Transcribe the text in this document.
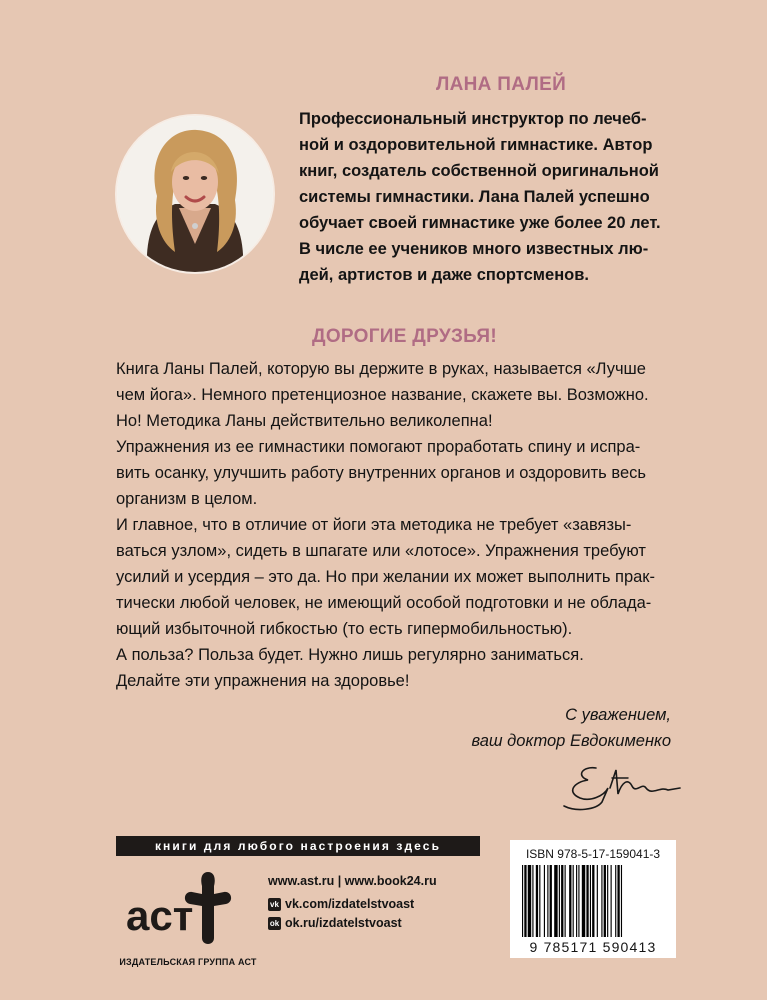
ЛАНА ПАЛЕЙ
Профессиональный инструктор по лечеб-
ной и оздоровительной гимнастике. Автор
книг, создатель собственной оригинальной
системы гимнастики. Лана Палей успешно
обучает своей гимнастике уже более 20 лет.
В числе ее учеников много известных лю-
дей, артистов и даже спортсменов.
ДОРОГИЕ ДРУЗЬЯ!
Книга Ланы Палей, которую вы держите в руках, называется «Лучше
чем йога». Немного претенциозное название, скажете вы. Возможно.
Но! Методика Ланы действительно великолепна!
Упражнения из ее гимнастики помогают проработать спину и испра-
вить осанку, улучшить работу внутренних органов и оздоровить весь
организм в целом.
И главное, что в отличие от йоги эта методика не требует «завязы-
ваться узлом», сидеть в шпагате или «лотосе». Упражнения требуют
усилий и усердия – это да. Но при желании их может выполнить прак-
тически любой человек, не имеющий особой подготовки и не облада-
ющий избыточной гибкостью (то есть гипермобильностью).
А польза? Польза будет. Нужно лишь регулярно заниматься.
Делайте эти упражнения на здоровье!
С уважением,
ваш доктор Евдокименко
книги для любого настроения здесь
аст
ИЗДАТЕЛЬСКАЯ ГРУППА АСТ
www.ast.ru | www.book24.ru
vk vk.com/izdatelstvoast
ok ok.ru/izdatelstvoast
ISBN 978-5-17-159041-3
9 785171 590413
